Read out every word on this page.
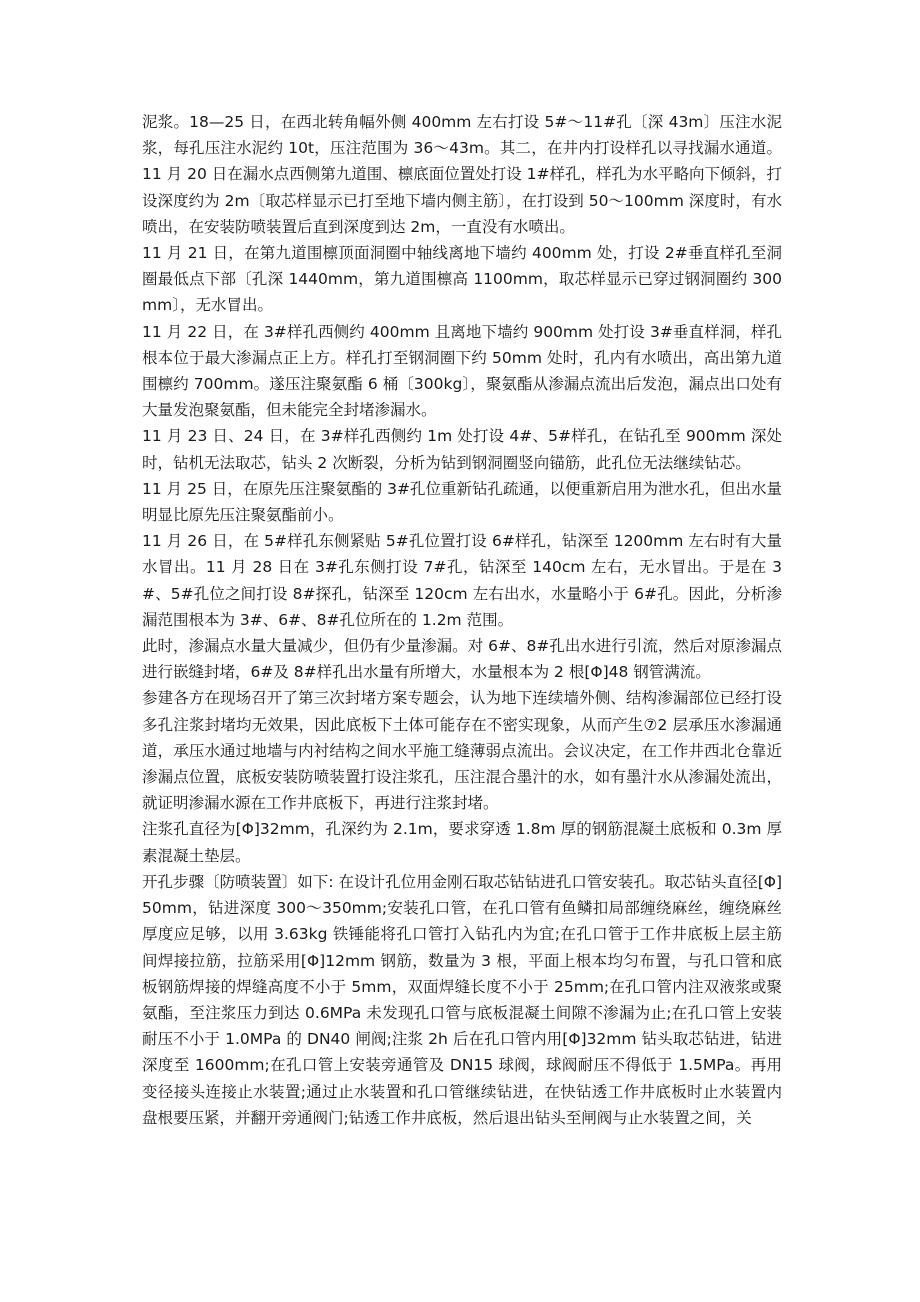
泥浆。18—25 日，在西北转角幅外侧 400mm 左右打设 5#～11#孔〔深 43m〕压注水泥浆，每孔压注水泥约 10t，压注范围为 36～43m。其二，在井内打设样孔以寻找漏水通道。11 月 20 日在漏水点西侧第九道围、檩底面位置处打设 1#样孔，样孔为水平略向下倾斜，打设深度约为 2m〔取芯样显示已打至地下墙内侧主筋〕，在打设到 50～100mm 深度时，有水喷出，在安装防喷装置后直到深度到达 2m，一直没有水喷出。

11 月 21 日，在第九道围檩顶面洞圈中轴线离地下墙约 400mm 处，打设 2#垂直样孔至洞圈最低点下部〔孔深 1440mm，第九道围檩高 1100mm，取芯样显示已穿过钢洞圈约 300mm〕，无水冒出。

11 月 22 日，在 3#样孔西侧约 400mm 且离地下墙约 900mm 处打设 3#垂直样洞，样孔根本位于最大渗漏点正上方。样孔打至钢洞圈下约 50mm 处时，孔内有水喷出，高出第九道围檩约 700mm。遂压注聚氨酯 6 桶〔300kg〕，聚氨酯从渗漏点流出后发泡，漏点出口处有大量发泡聚氨酯，但未能完全封堵渗漏水。

11 月 23 日、24 日，在 3#样孔西侧约 1m 处打设 4#、5#样孔，在钻孔至 900mm 深处时，钻机无法取芯，钻头 2 次断裂，分析为钻到钢洞圈竖向锚筋，此孔位无法继续钻芯。

11 月 25 日，在原先压注聚氨酯的 3#孔位重新钻孔疏通，以便重新启用为泄水孔，但出水量明显比原先压注聚氨酯前小。

11 月 26 日，在 5#样孔东侧紧贴 5#孔位置打设 6#样孔，钻深至 1200mm 左右时有大量水冒出。11 月 28 日在 3#孔东侧打设 7#孔，钻深至 140cm 左右，无水冒出。于是在 3#、5#孔位之间打设 8#探孔，钻深至 120cm 左右出水，水量略小于 6#孔。因此，分析渗漏范围根本为 3#、6#、8#孔位所在的 1.2m 范围。

此时，渗漏点水量大量减少，但仍有少量渗漏。对 6#、8#孔出水进行引流，然后对原渗漏点进行嵌缝封堵，6#及 8#样孔出水量有所增大，水量根本为 2 根[Φ]48 钢管满流。

参建各方在现场召开了第三次封堵方案专题会，认为地下连续墙外侧、结构渗漏部位已经打设多孔注浆封堵均无效果，因此底板下土体可能存在不密实现象，从而产生⑦2 层承压水渗漏通道，承压水通过地墙与内衬结构之间水平施工缝薄弱点流出。会议决定，在工作井西北仓靠近渗漏点位置，底板安装防喷装置打设注浆孔，压注混合墨汁的水，如有墨汁水从渗漏处流出，就证明渗漏水源在工作井底板下，再进行注浆封堵。

注浆孔直径为[Φ]32mm，孔深约为 2.1m，要求穿透 1.8m 厚的钢筋混凝土底板和 0.3m 厚素混凝土垫层。

开孔步骤〔防喷装置〕如下: 在设计孔位用金刚石取芯钻钻进孔口管安装孔。取芯钻头直径[Φ]50mm，钻进深度 300～350mm;安装孔口管，在孔口管有鱼鳞扣局部缠绕麻丝，缠绕麻丝厚度应足够，以用 3.63kg 铁锤能将孔口管打入钻孔内为宜;在孔口管于工作井底板上层主筋间焊接拉筋，拉筋采用[Φ]12mm 钢筋，数量为 3 根，平面上根本均匀布置，与孔口管和底板钢筋焊接的焊缝高度不小于 5mm，双面焊缝长度不小于 25mm;在孔口管内注双液浆或聚氨酯，至注浆压力到达 0.6MPa 未发现孔口管与底板混凝土间隙不渗漏为止;在孔口管上安装耐压不小于 1.0MPa 的 DN40 闸阀;注浆 2h 后在孔口管内用[Φ]32mm 钻头取芯钻进，钻进深度至 1600mm;在孔口管上安装旁通管及 DN15 球阀，球阀耐压不得低于 1.5MPa。再用变径接头连接止水装置;通过止水装置和孔口管继续钻进，在快钻透工作井底板时止水装置内盘根要压紧，并翻开旁通阀门;钻透工作井底板，然后退出钻头至闸阀与止水装置之间，关
